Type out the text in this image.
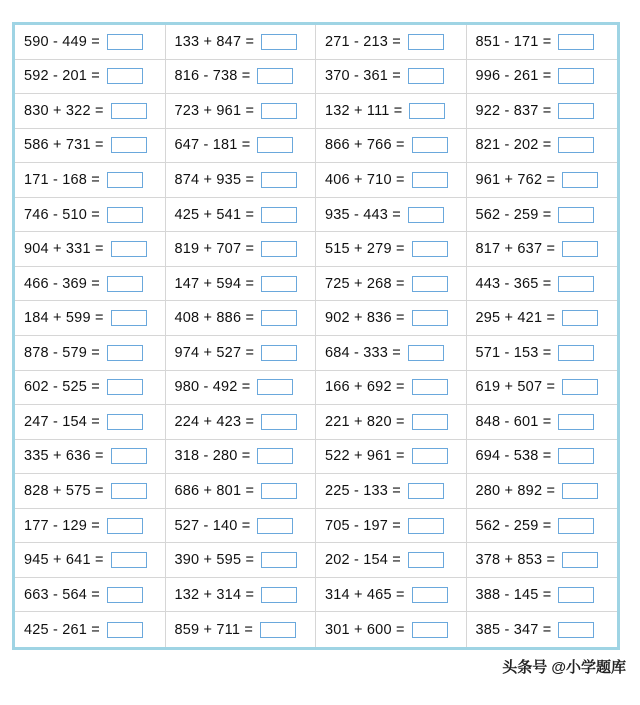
590 - 449 =	133 + 847 =	271 - 213 =	851 - 171 =
592 - 201 =	816 - 738 =	370 - 361 =	996 - 261 =
830 + 322 =	723 + 961 =	132 + 111 =	922 - 837 =
586 + 731 =	647 - 181 =	866 + 766 =	821 - 202 =
171 - 168 =	874 + 935 =	406 + 710 =	961 + 762 =
746 - 510 =	425 + 541 =	935 - 443 =	562 - 259 =
904 + 331 =	819 + 707 =	515 + 279 =	817 + 637 =
466 - 369 =	147 + 594 =	725 + 268 =	443 - 365 =
184 + 599 =	408 + 886 =	902 + 836 =	295 + 421 =
878 - 579 =	974 + 527 =	684 - 333 =	571 - 153 =
602 - 525 =	980 - 492 =	166 + 692 =	619 + 507 =
247 - 154 =	224 + 423 =	221 + 820 =	848 - 601 =
335 + 636 =	318 - 280 =	522 + 961 =	694 - 538 =
828 + 575 =	686 + 801 =	225 - 133 =	280 + 892 =
177 - 129 =	527 - 140 =	705 - 197 =	562 - 259 =
945 + 641 =	390 + 595 =	202 - 154 =	378 + 853 =
663 - 564 =	132 + 314 =	314 + 465 =	388 - 145 =
425 - 261 =	859 + 711 =	301 + 600 =	385 - 347 =
头条号 @小学题库
